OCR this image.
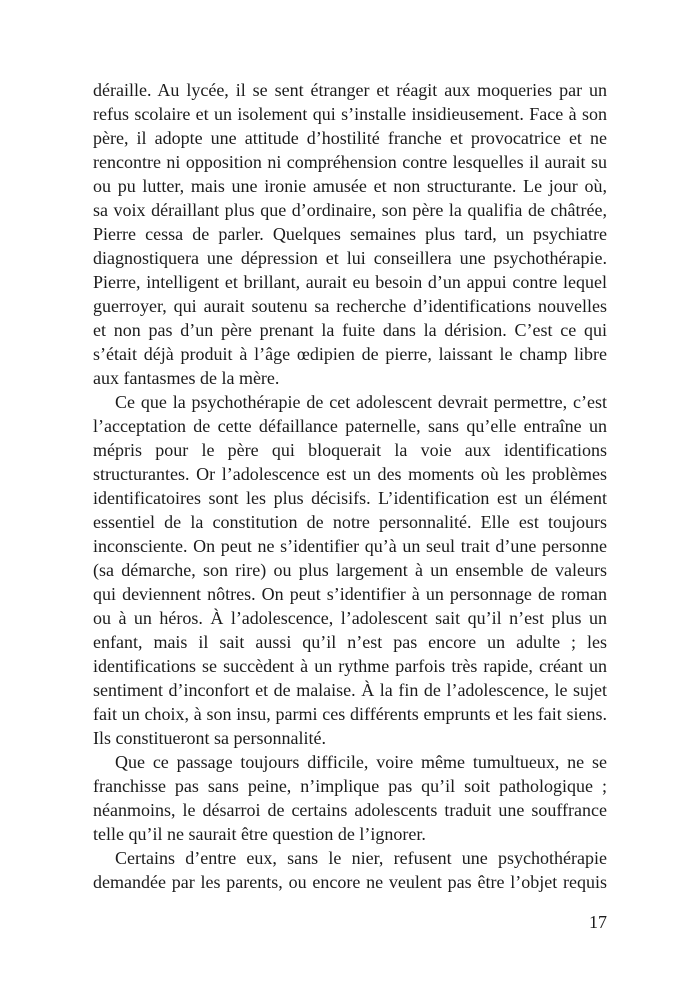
déraille. Au lycée, il se sent étranger et réagit aux moqueries par un
refus scolaire et un isolement qui s’installe insidieusement. Face à son
père, il adopte une attitude d’hostilité franche et provocatrice et ne
rencontre ni opposition ni compréhension contre lesquelles il aurait su
ou pu lutter, mais une ironie amusée et non structurante. Le jour où,
sa voix déraillant plus que d’ordinaire, son père la qualifia de châtrée,
Pierre cessa de parler. Quelques semaines plus tard, un psychiatre
diagnostiquera une dépression et lui conseillera une psychothérapie.
Pierre, intelligent et brillant, aurait eu besoin d’un appui contre lequel
guerroyer, qui aurait soutenu sa recherche d’identifications nouvelles
et non pas d’un père prenant la fuite dans la dérision. C’est ce qui
s’était déjà produit à l’âge œdipien de pierre, laissant le champ libre
aux fantasmes de la mère.
Ce que la psychothérapie de cet adolescent devrait permettre, c’est
l’acceptation de cette défaillance paternelle, sans qu’elle entraîne un
mépris pour le père qui bloquerait la voie aux identifications
structurantes. Or l’adolescence est un des moments où les problèmes
identificatoires sont les plus décisifs. L’identification est un élément
essentiel de la constitution de notre personnalité. Elle est toujours
inconsciente. On peut ne s’identifier qu’à un seul trait d’une personne
(sa démarche, son rire) ou plus largement à un ensemble de valeurs
qui deviennent nôtres. On peut s’identifier à un personnage de roman
ou à un héros. À l’adolescence, l’adolescent sait qu’il n’est plus un
enfant, mais il sait aussi qu’il n’est pas encore un adulte ; les
identifications se succèdent à un rythme parfois très rapide, créant un
sentiment d’inconfort et de malaise. À la fin de l’adolescence, le sujet
fait un choix, à son insu, parmi ces différents emprunts et les fait siens.
Ils constitueront sa personnalité.
Que ce passage toujours difficile, voire même tumultueux, ne se
franchisse pas sans peine, n’implique pas qu’il soit pathologique ;
néanmoins, le désarroi de certains adolescents traduit une souffrance
telle qu’il ne saurait être question de l’ignorer.
Certains d’entre eux, sans le nier, refusent une psychothérapie
demandée par les parents, ou encore ne veulent pas être l’objet requis
17
